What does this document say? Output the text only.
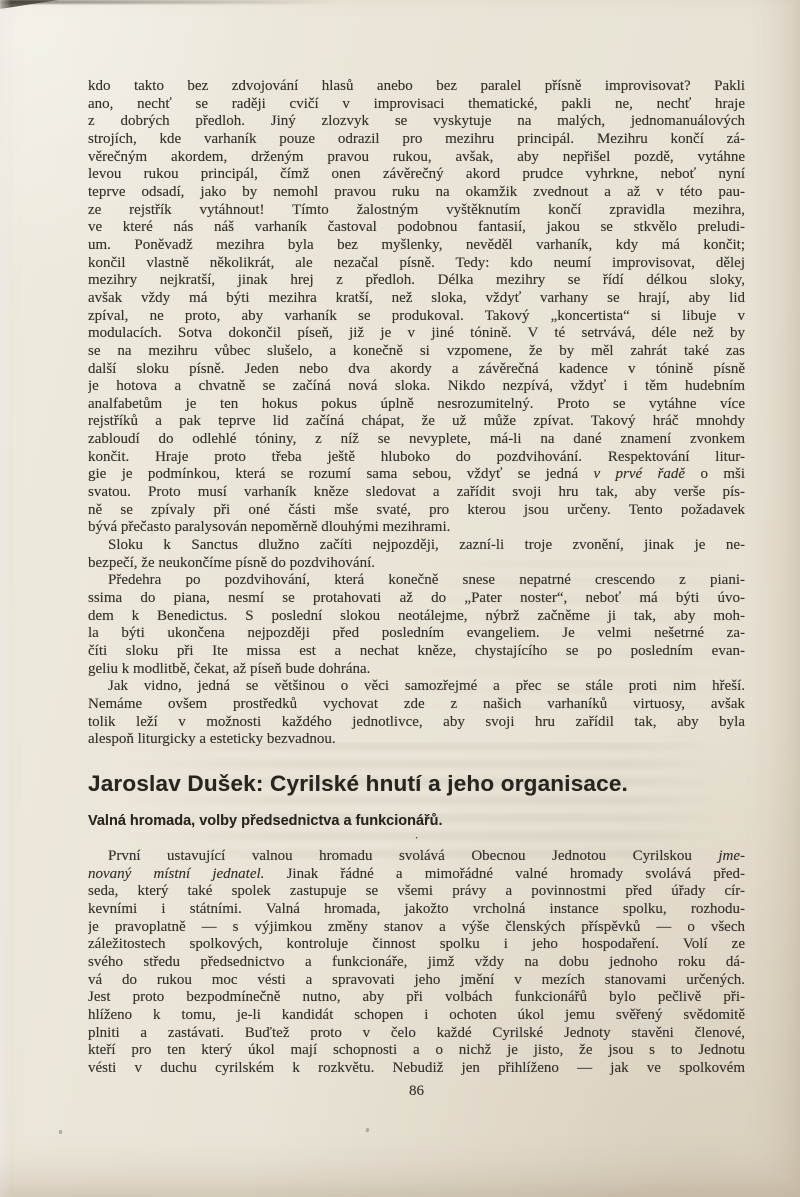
kdo takto bez zdvojování hlasů anebo bez paralel přísně improvisovat? Pakli
ano, nechť se raději cvičí v improvisaci thematické, pakli ne, nechť hraje
z dobrých předloh. Jiný zlozvyk se vyskytuje na malých, jednomanuálových
strojích, kde varhaník pouze odrazil pro mezihru principál. Mezihru končí zá-
věrečným akordem, drženým pravou rukou, avšak, aby nepřišel pozdě, vytáhne
levou rukou principál, čímž onen závěrečný akord prudce vyhrkne, neboť nyní
teprve odsadí, jako by nemohl pravou ruku na okamžik zvednout a až v této pau-
ze rejstřík vytáhnout! Tímto žalostným vyštěknutím končí zpravidla mezihra,
ve které nás náš varhaník častoval podobnou fantasií, jakou se stkvělo preludi-
um. Poněvadž mezihra byla bez myšlenky, nevěděl varhaník, kdy má končit;
končil vlastně několikrát, ale nezačal písně. Tedy: kdo neumí improvisovat, dělej
mezihry nejkratší, jinak hrej z předloh. Délka mezihry se řídí délkou sloky,
avšak vždy má býti mezihra kratší, než sloka, vždyť varhany se hrají, aby lid
zpíval, ne proto, aby varhaník se produkoval. Takový „koncertista“ si libuje v
modulacích. Sotva dokončil píseň, již je v jiné tónině. V té setrvává, déle než by
se na mezihru vůbec slušelo, a konečně si vzpomene, že by měl zahrát také zas
další sloku písně. Jeden nebo dva akordy a závěrečná kadence v tónině písně
je hotova a chvatně se začíná nová sloka. Nikdo nezpívá, vždyť i těm hudebním
analfabetům je ten hokus pokus úplně nesrozumitelný. Proto se vytáhne více
rejstříků a pak teprve lid začíná chápat, že už může zpívat. Takový hráč mnohdy
zabloudí do odlehlé tóniny, z níž se nevyplete, má-li na dané znamení zvonkem
končit. Hraje proto třeba ještě hluboko do pozdvihování. Respektování litur-
gie je podmínkou, která se rozumí sama sebou, vždyť se jedná v prvé řadě o mši
svatou. Proto musí varhaník kněze sledovat a zařídit svoji hru tak, aby verše pís-
ně se zpívaly při oné části mše svaté, pro kterou jsou určeny. Tento požadavek
bývá přečasto paralysován nepoměrně dlouhými mezihrami.
Sloku k Sanctus dlužno začíti nejpozději, zazní-li troje zvonění, jinak je ne-
bezpečí, že neukončíme písně do pozdvihování.
Předehra po pozdvihování, která konečně snese nepatrné crescendo z piani-
ssima do piana, nesmí se protahovati až do „Pater noster“, neboť má býti úvo-
dem k Benedictus. S poslední slokou neotálejme, nýbrž začněme ji tak, aby moh-
la býti ukončena nejpozději před posledním evangeliem. Je velmi nešetrné za-
číti sloku při Ite missa est a nechat kněze, chystajícího se po posledním evan-
geliu k modlitbě, čekat, až píseň bude dohrána.
Jak vidno, jedná se většinou o věci samozřejmé a přec se stále proti nim hřeší.
Nemáme ovšem prostředků vychovat zde z našich varhaníků virtuosy, avšak
tolik leží v možnosti každého jednotlivce, aby svoji hru zařídil tak, aby byla
alespoň liturgicky a esteticky bezvadnou.
Jaroslav Dušek: Cyrilské hnutí a jeho organisace.
Valná hromada, volby předsednictva a funkcionářů.
·
První ustavující valnou hromadu svolává Obecnou Jednotou Cyrilskou jme-
novaný místní jednatel. Jinak řádné a mimořádné valné hromady svolává před-
seda, který také spolek zastupuje se všemi právy a povinnostmi před úřady cír-
kevními i státními. Valná hromada, jakožto vrcholná instance spolku, rozhodu-
je pravoplatně — s výjimkou změny stanov a výše členských příspěvků — o všech
záležitostech spolkových, kontroluje činnost spolku i jeho hospodaření. Volí ze
svého středu předsednictvo a funkcionáře, jimž vždy na dobu jednoho roku dá-
vá do rukou moc vésti a spravovati jeho jmění v mezích stanovami určených.
Jest proto bezpodmínečně nutno, aby při volbách funkcionářů bylo pečlivě při-
hlíženo k tomu, je-li kandidát schopen i ochoten úkol jemu svěřený svědomitě
plniti a zastávati. Buďtež proto v čelo každé Cyrilské Jednoty stavěni členové,
kteří pro ten který úkol mají schopnosti a o nichž je jisto, že jsou s to Jednotu
vésti v duchu cyrilském k rozkvětu. Nebudiž jen přihlíženo — jak ve spolkovém
86
